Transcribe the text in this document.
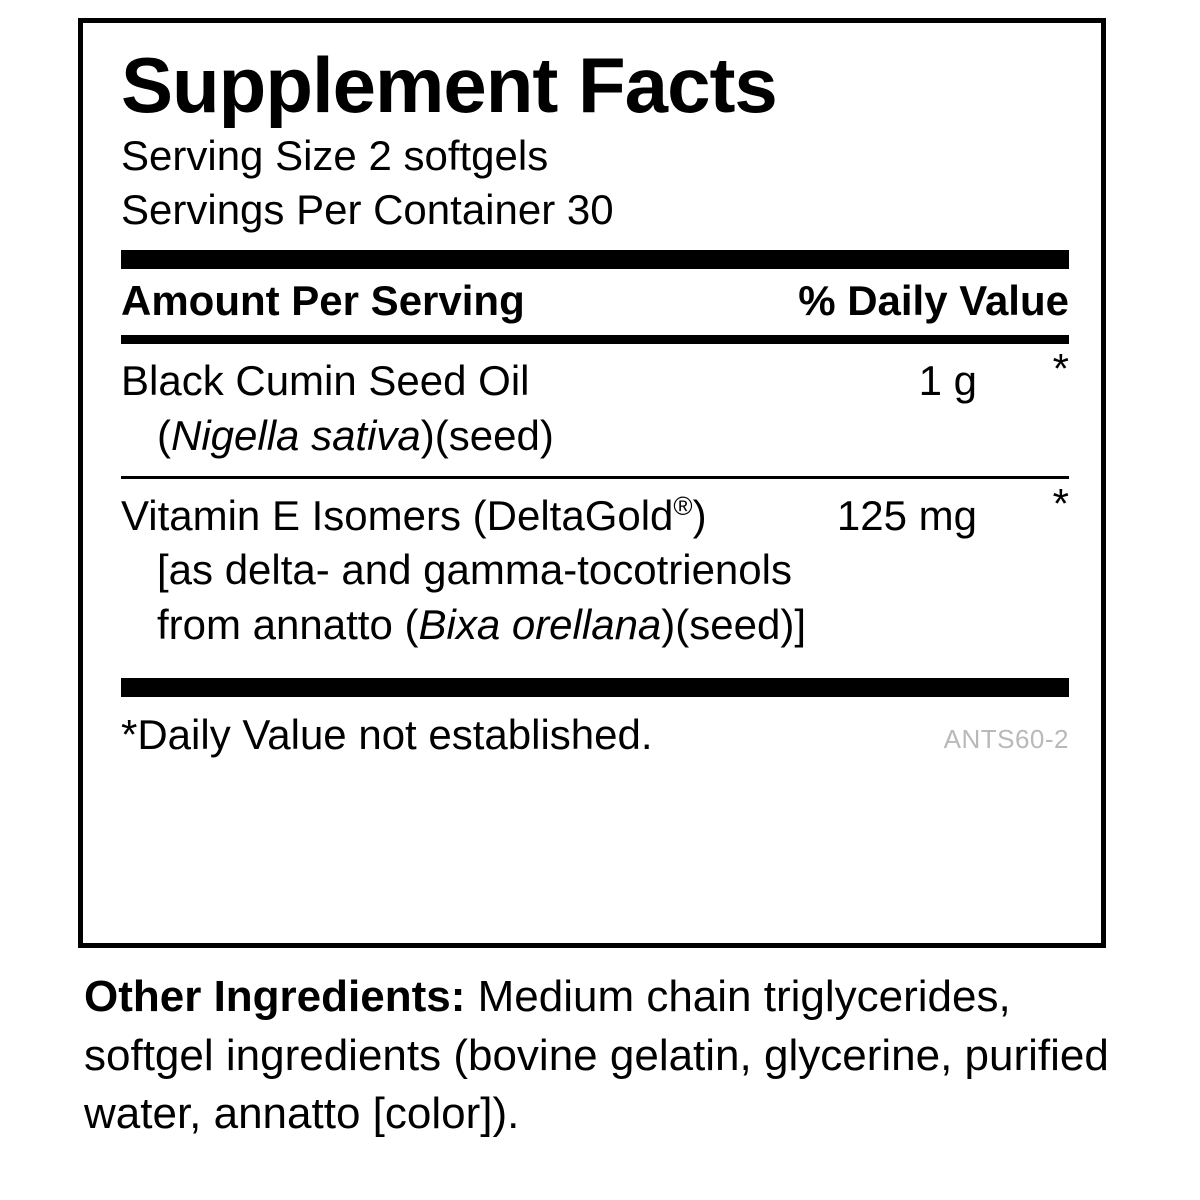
Supplement Facts
Serving Size 2 softgels
Servings Per Container 30
Amount Per Serving	% Daily Value
Black Cumin Seed Oil	1 g	*
(Nigella sativa)(seed)
Vitamin E Isomers (DeltaGold®)	125 mg	*
[as delta- and gamma-tocotrienols
from annatto (Bixa orellana)(seed)]
*Daily Value not established.	ANTS60-2
Other Ingredients: Medium chain triglycerides, softgel ingredients (bovine gelatin, glycerine, purified water, annatto [color]).
